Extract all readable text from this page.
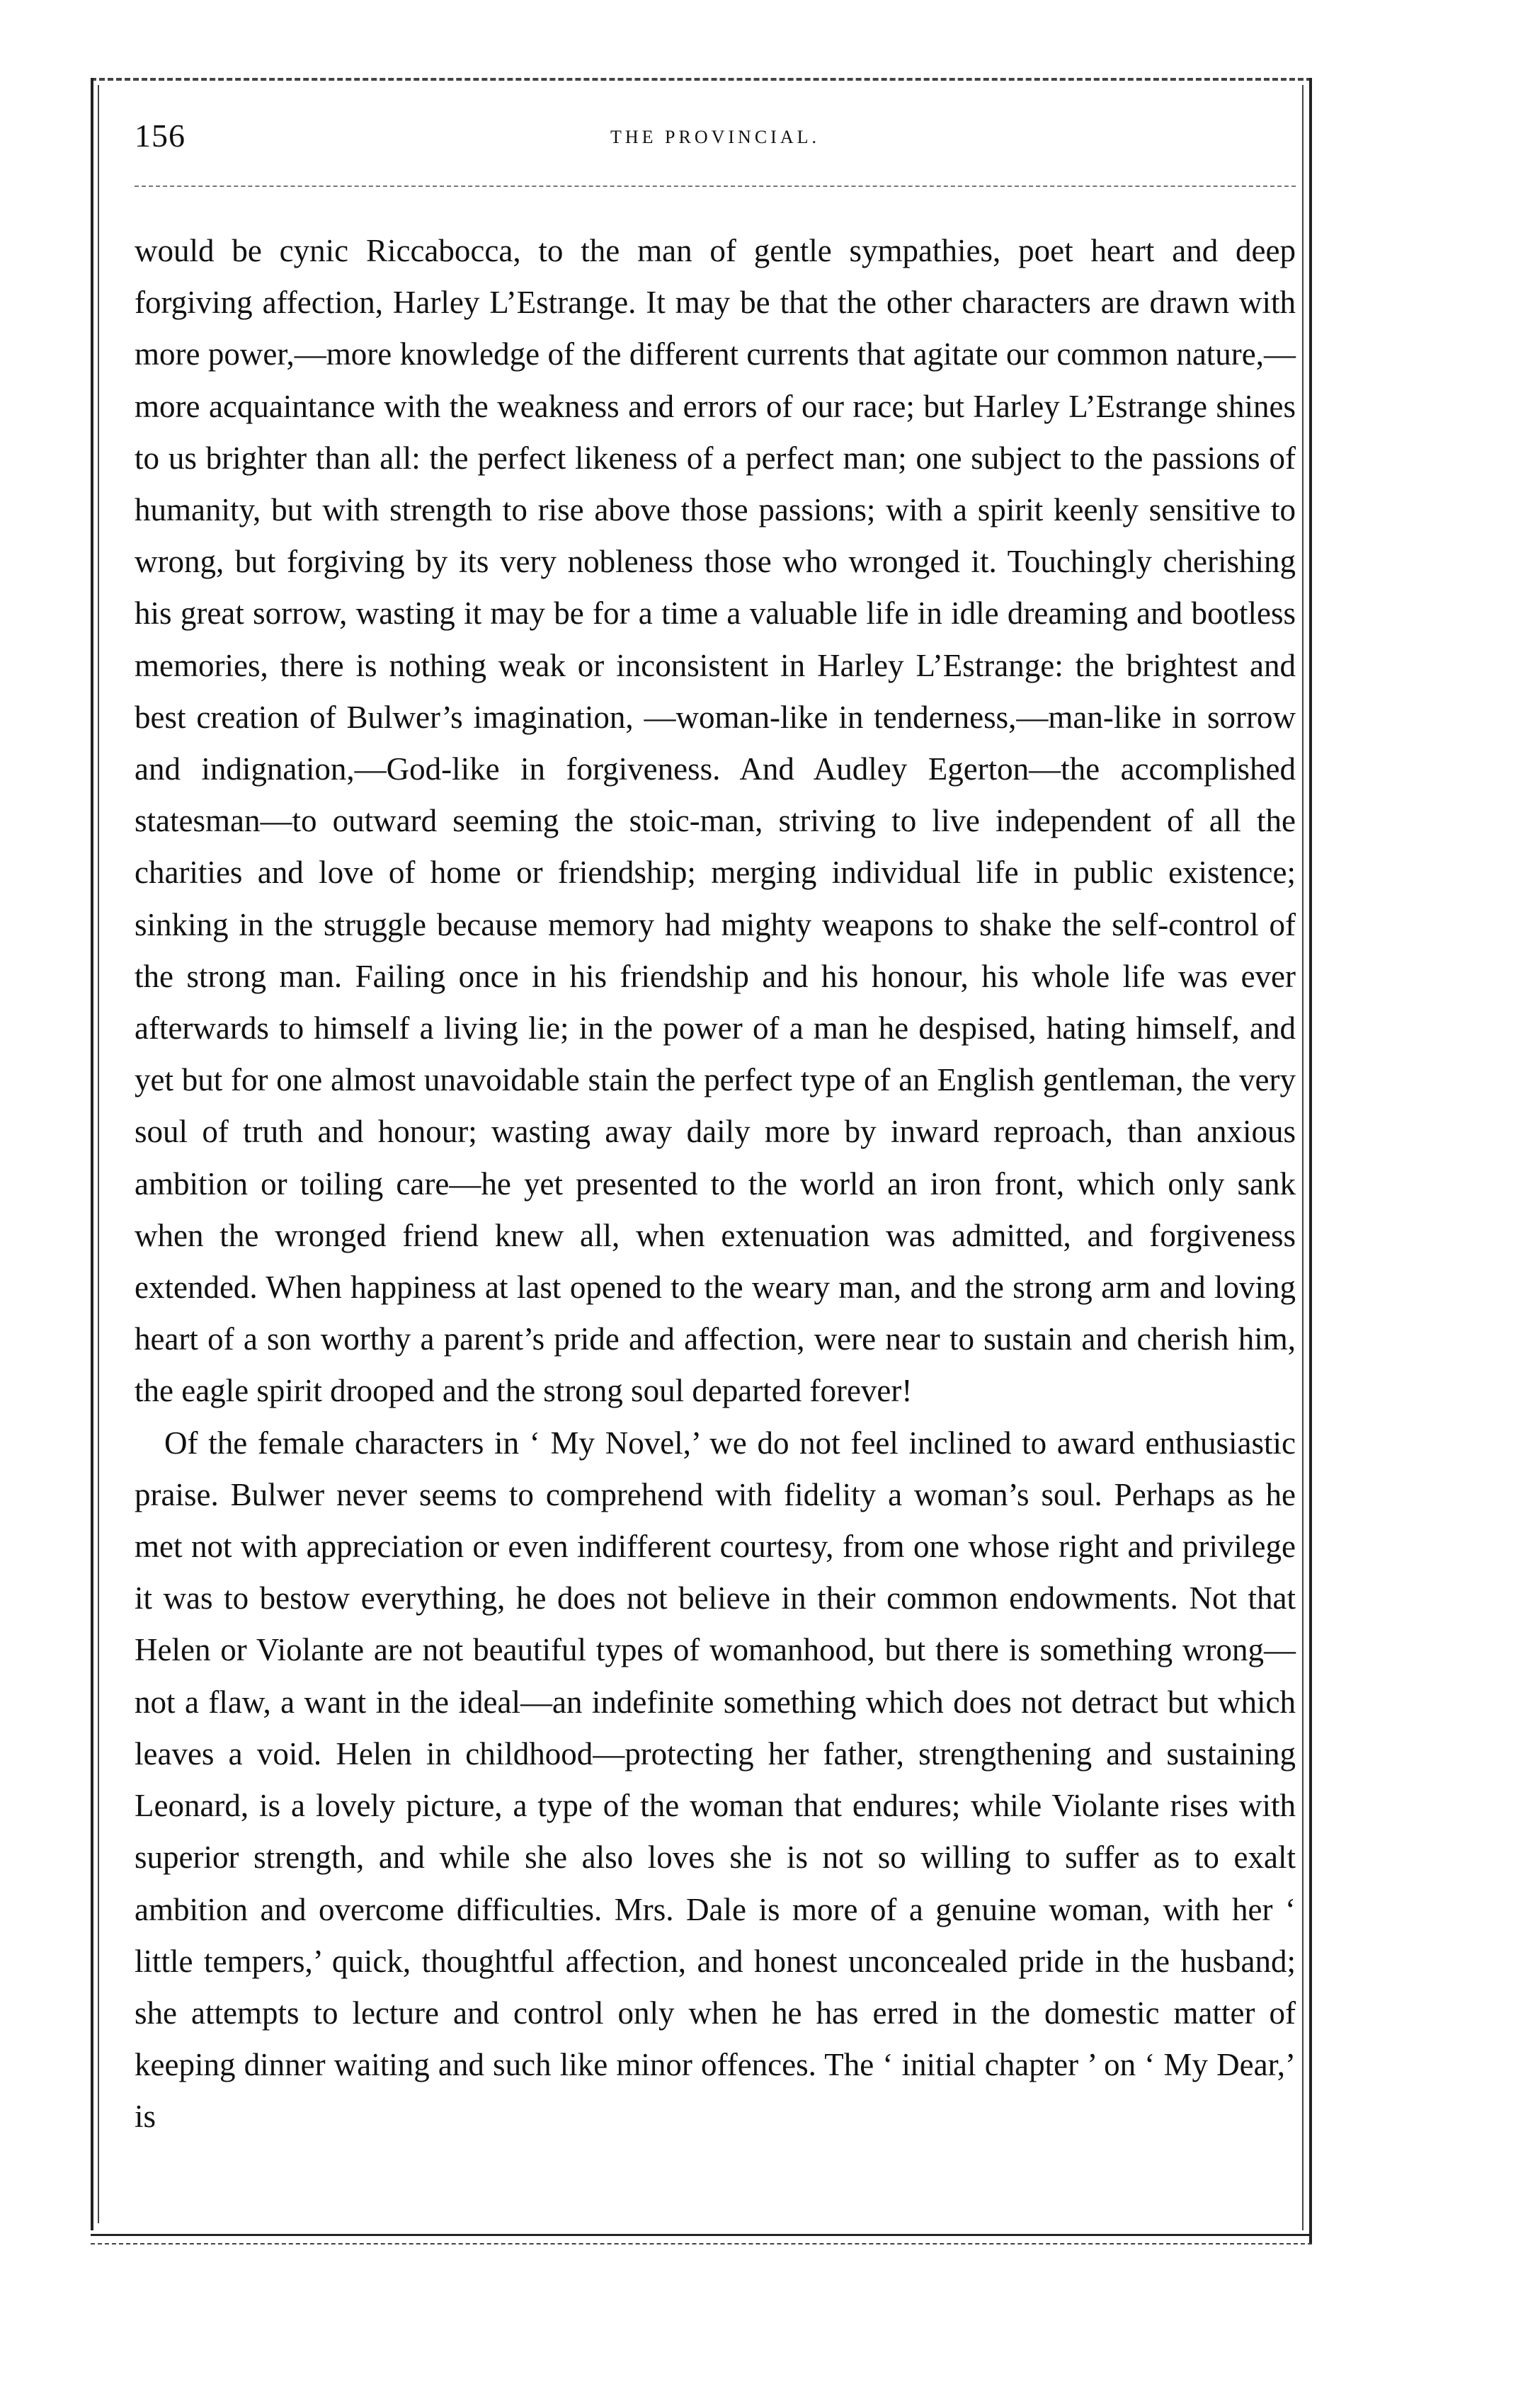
156	THE PROVINCIAL.

would be cynic Riccabocca, to the man of gentle sympathies, poet heart and deep forgiving affection, Harley L’Estrange. It may be that the other characters are drawn with more power,—more knowledge of the different currents that agitate our common nature,—more acquaintance with the weakness and errors of our race; but Harley L’Estrange shines to us brighter than all: the perfect likeness of a perfect man; one subject to the passions of humanity, but with strength to rise above those passions; with a spirit keenly sensitive to wrong, but forgiving by its very nobleness those who wronged it. Touchingly cherishing his great sorrow, wasting it may be for a time a valuable life in idle dreaming and bootless memories, there is nothing weak or inconsistent in Harley L’Estrange: the brightest and best creation of Bulwer’s imagination, —woman-like in tenderness,—man-like in sorrow and indignation,—God-like in forgiveness. And Audley Egerton—the accomplished statesman—to outward seeming the stoic-man, striving to live independent of all the charities and love of home or friendship; merging individual life in public existence; sinking in the struggle because memory had mighty weapons to shake the self-control of the strong man. Failing once in his friendship and his honour, his whole life was ever afterwards to himself a living lie; in the power of a man he despised, hating himself, and yet but for one almost unavoidable stain the perfect type of an English gentleman, the very soul of truth and honour; wasting away daily more by inward reproach, than anxious ambition or toiling care—he yet presented to the world an iron front, which only sank when the wronged friend knew all, when extenuation was admitted, and forgiveness extended. When happiness at last opened to the weary man, and the strong arm and loving heart of a son worthy a parent’s pride and affection, were near to sustain and cherish him, the eagle spirit drooped and the strong soul departed forever!

Of the female characters in ‘ My Novel,’ we do not feel inclined to award enthusiastic praise. Bulwer never seems to comprehend with fidelity a woman’s soul. Perhaps as he met not with appreciation or even indifferent courtesy, from one whose right and privilege it was to bestow everything, he does not believe in their common endowments. Not that Helen or Violante are not beautiful types of womanhood, but there is something wrong—not a flaw, a want in the ideal—an indefinite something which does not detract but which leaves a void. Helen in childhood—protecting her father, strengthening and sustaining Leonard, is a lovely picture, a type of the woman that endures; while Violante rises with superior strength, and while she also loves she is not so willing to suffer as to exalt ambition and overcome difficulties. Mrs. Dale is more of a genuine woman, with her ‘ little tempers,’ quick, thoughtful affection, and honest unconcealed pride in the husband; she attempts to lecture and control only when he has erred in the domestic matter of keeping dinner waiting and such like minor offences. The ‘ initial chapter ’ on ‘ My Dear,’ is
